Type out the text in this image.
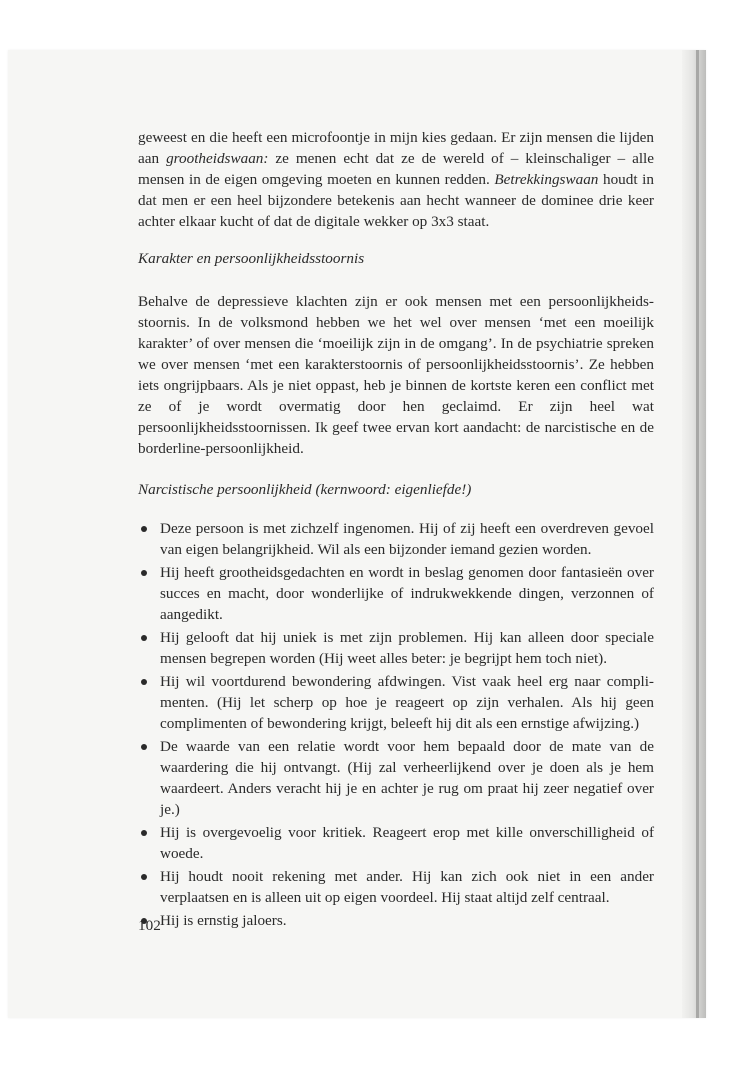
geweest en die heeft een microfoontje in mijn kies gedaan. Er zijn mensen die lijden aan grootheidswaan: ze menen echt dat ze de wereld of – kleinschaliger – alle mensen in de eigen omgeving moeten en kunnen redden. Betrekkingswaan houdt in dat men er een heel bijzondere betekenis aan hecht wanneer de dominee drie keer achter elkaar kucht of dat de digitale wekker op 3x3 staat.

Karakter en persoonlijkheidsstoornis

Behalve de depressieve klachten zijn er ook mensen met een persoonlijkheids-stoornis. In de volksmond hebben we het wel over mensen ‘met een moeilijk karakter’ of over mensen die ‘moeilijk zijn in de omgang’. In de psychiatrie spreken we over mensen ‘met een karakterstoornis of persoonlijkheidsstoornis’. Ze hebben iets ongrijpbaars. Als je niet oppast, heb je binnen de kortste keren een conflict met ze of je wordt overmatig door hen geclaimd. Er zijn heel wat persoonlijkheidsstoornissen. Ik geef twee ervan kort aandacht: de narcistische en de borderline-persoonlijkheid.

Narcistische persoonlijkheid (kernwoord: eigenliefde!)
Deze persoon is met zichzelf ingenomen. Hij of zij heeft een overdreven gevoel van eigen belangrijkheid. Wil als een bijzonder iemand gezien worden.
Hij heeft grootheidsgedachten en wordt in beslag genomen door fantasieën over succes en macht, door wonderlijke of indrukwekkende dingen, verzonnen of aangedikt.
Hij gelooft dat hij uniek is met zijn problemen. Hij kan alleen door speciale mensen begrepen worden (Hij weet alles beter: je begrijpt hem toch niet).
Hij wil voortdurend bewondering afdwingen. Vist vaak heel erg naar compli-menten. (Hij let scherp op hoe je reageert op zijn verhalen. Als hij geen complimenten of bewondering krijgt, beleeft hij dit als een ernstige afwijzing.)
De waarde van een relatie wordt voor hem bepaald door de mate van de waardering die hij ontvangt. (Hij zal verheerlijkend over je doen als je hem waardeert. Anders veracht hij je en achter je rug om praat hij zeer negatief over je.)
Hij is overgevoelig voor kritiek. Reageert erop met kille onverschilligheid of woede.
Hij houdt nooit rekening met ander. Hij kan zich ook niet in een ander verplaatsen en is alleen uit op eigen voordeel. Hij staat altijd zelf centraal.
Hij is ernstig jaloers.
102
